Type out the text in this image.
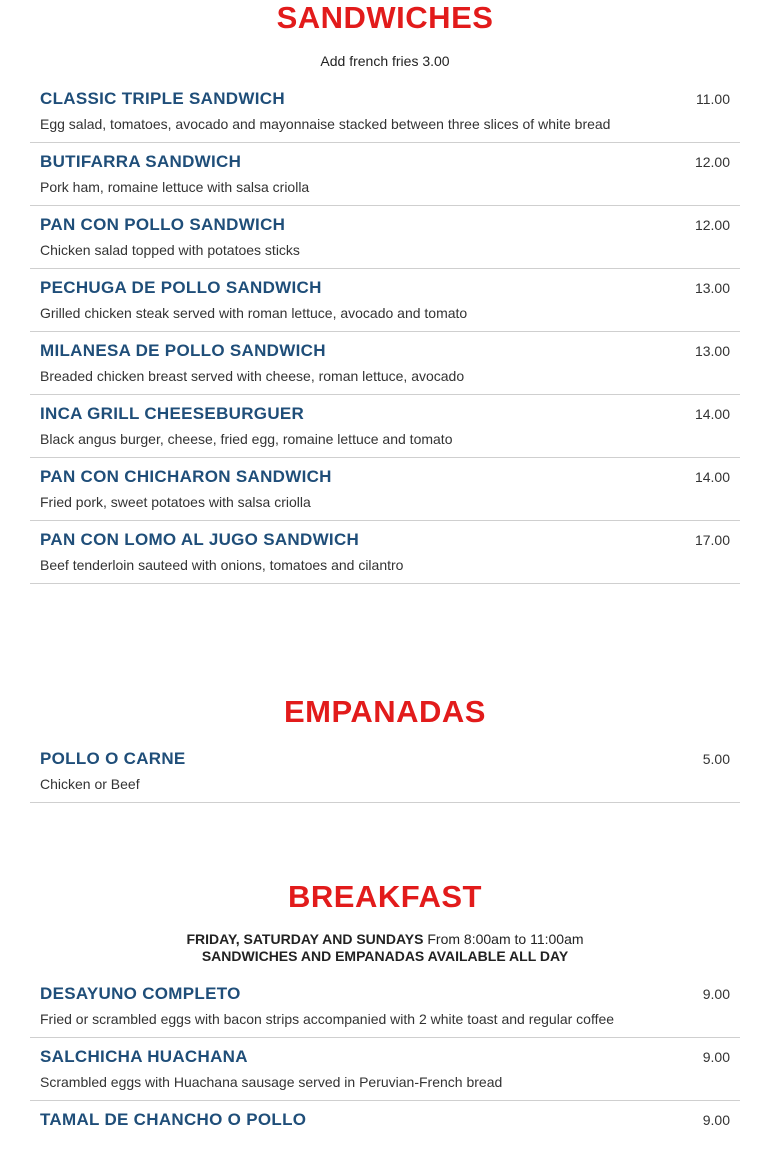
SANDWICHES
Add french fries 3.00
CLASSIC TRIPLE SANDWICH	11.00
Egg salad, tomatoes, avocado and mayonnaise stacked between three slices of white bread
BUTIFARRA SANDWICH	12.00
Pork ham, romaine lettuce with salsa criolla
PAN CON POLLO SANDWICH	12.00
Chicken salad topped with potatoes sticks
PECHUGA DE POLLO SANDWICH	13.00
Grilled chicken steak served with roman lettuce, avocado and tomato
MILANESA DE POLLO SANDWICH	13.00
Breaded chicken breast served with cheese, roman lettuce, avocado
INCA GRILL CHEESEBURGUER	14.00
Black angus burger, cheese, fried egg, romaine lettuce and tomato
PAN CON CHICHARON SANDWICH	14.00
Fried pork, sweet potatoes with salsa criolla
PAN CON LOMO AL JUGO SANDWICH	17.00
Beef tenderloin sauteed with onions, tomatoes and cilantro
EMPANADAS
POLLO O CARNE	5.00
Chicken or Beef
BREAKFAST
FRIDAY, SATURDAY AND SUNDAYS From 8:00am to 11:00am
SANDWICHES AND EMPANADAS AVAILABLE ALL DAY
DESAYUNO COMPLETO	9.00
Fried or scrambled eggs with bacon strips accompanied with 2 white toast and regular coffee
SALCHICHA HUACHANA	9.00
Scrambled eggs with Huachana sausage served in Peruvian-French bread
TAMAL DE CHANCHO O POLLO	9.00
